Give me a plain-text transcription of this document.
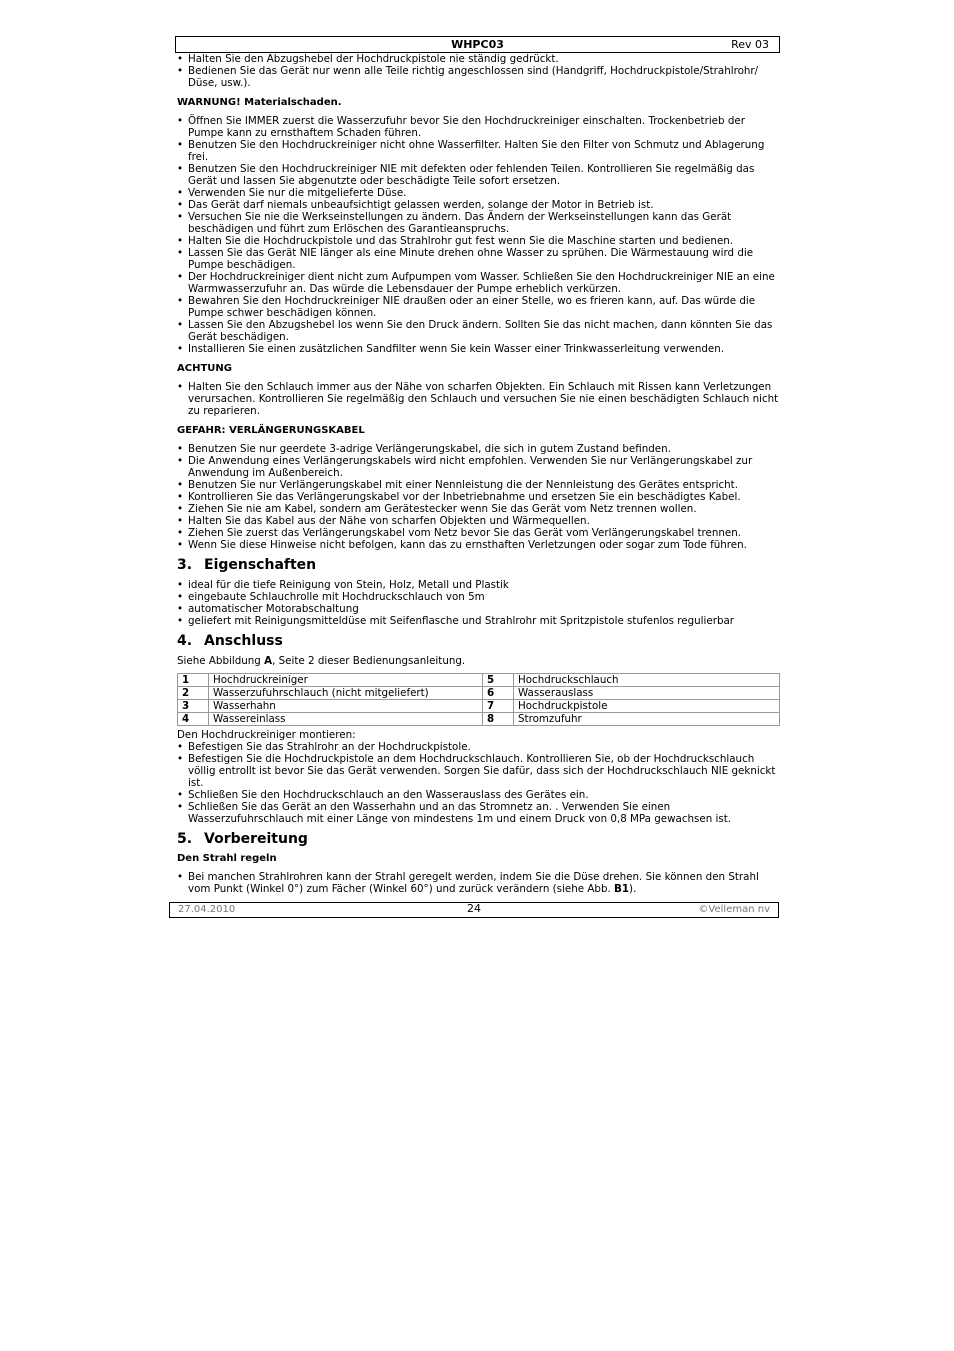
WHPC03	Rev 03
• Halten Sie den Abzugshebel der Hochdruckpistole nie ständig gedrückt.
• Bedienen Sie das Gerät nur wenn alle Teile richtig angeschlossen sind (Handgriff, Hochdruckpistole/Strahlrohr/ Düse, usw.).
WARNUNG! Materialschaden.
• Öffnen Sie IMMER zuerst die Wasserzufuhr bevor Sie den Hochdruckreiniger einschalten. Trockenbetrieb der Pumpe kann zu ernsthaftem Schaden führen.
• Benutzen Sie den Hochdruckreiniger nicht ohne Wasserfilter. Halten Sie den Filter von Schmutz und Ablagerung frei.
• Benutzen Sie den Hochdruckreiniger NIE mit defekten oder fehlenden Teilen. Kontrollieren Sie regelmäßig das Gerät und lassen Sie abgenutzte oder beschädigte Teile sofort ersetzen.
• Verwenden Sie nur die mitgelieferte Düse.
• Das Gerät darf niemals unbeaufsichtigt gelassen werden, solange der Motor in Betrieb ist.
• Versuchen Sie nie die Werkseinstellungen zu ändern. Das Ändern der Werkseinstellungen kann das Gerät beschädigen und führt zum Erlöschen des Garantieanspruchs.
• Halten Sie die Hochdruckpistole und das Strahlrohr gut fest wenn Sie die Maschine starten und bedienen.
• Lassen Sie das Gerät NIE länger als eine Minute drehen ohne Wasser zu sprühen. Die Wärmestauung wird die Pumpe beschädigen.
• Der Hochdruckreiniger dient nicht zum Aufpumpen vom Wasser. Schließen Sie den Hochdruckreiniger NIE an eine Warmwasserzufuhr an. Das würde die Lebensdauer der Pumpe erheblich verkürzen.
• Bewahren Sie den Hochdruckreiniger NIE draußen oder an einer Stelle, wo es frieren kann, auf. Das würde die Pumpe schwer beschädigen können.
• Lassen Sie den Abzugshebel los wenn Sie den Druck ändern. Sollten Sie das nicht machen, dann könnten Sie das Gerät beschädigen.
• Installieren Sie einen zusätzlichen Sandfilter wenn Sie kein Wasser einer Trinkwasserleitung verwenden.
ACHTUNG
• Halten Sie den Schlauch immer aus der Nähe von scharfen Objekten. Ein Schlauch mit Rissen kann Verletzungen verursachen. Kontrollieren Sie regelmäßig den Schlauch und versuchen Sie nie einen beschädigten Schlauch nicht zu reparieren.
GEFAHR: VERLÄNGERUNGSKABEL
• Benutzen Sie nur geerdete 3-adrige Verlängerungskabel, die sich in gutem Zustand befinden.
• Die Anwendung eines Verlängerungskabels wird nicht empfohlen. Verwenden Sie nur Verlängerungskabel zur Anwendung im Außenbereich.
• Benutzen Sie nur Verlängerungskabel mit einer Nennleistung die der Nennleistung des Gerätes entspricht.
• Kontrollieren Sie das Verlängerungskabel vor der Inbetriebnahme und ersetzen Sie ein beschädigtes Kabel.
• Ziehen Sie nie am Kabel, sondern am Gerätestecker wenn Sie das Gerät vom Netz trennen wollen.
• Halten Sie das Kabel aus der Nähe von scharfen Objekten und Wärmequellen.
• Ziehen Sie zuerst das Verlängerungskabel vom Netz bevor Sie das Gerät vom Verlängerungskabel trennen.
• Wenn Sie diese Hinweise nicht befolgen, kann das zu ernsthaften Verletzungen oder sogar zum Tode führen.
3. Eigenschaften
• ideal für die tiefe Reinigung von Stein, Holz, Metall und Plastik
• eingebaute Schlauchrolle mit Hochdruckschlauch von 5m
• automatischer Motorabschaltung
• geliefert mit Reinigungsmitteldüse mit Seifenflasche und Strahlrohr mit Spritzpistole stufenlos regulierbar
4. Anschluss

Siehe Abbildung A, Seite 2 dieser Bedienungsanleitung.

1	Hochdruckreiniger	5	Hochdruckschlauch
2	Wasserzufuhrschlauch (nicht mitgeliefert)	6	Wasserauslass
3	Wasserhahn	7	Hochdruckpistole
4	Wassereinlass	8	Stromzufuhr

Den Hochdruckreiniger montieren:

• Befestigen Sie das Strahlrohr an der Hochdruckpistole.
• Befestigen Sie die Hochdruckpistole an dem Hochdruckschlauch. Kontrollieren Sie, ob der Hochdruckschlauch völlig entrollt ist bevor Sie das Gerät verwenden. Sorgen Sie dafür, dass sich der Hochdruckschlauch NIE geknickt ist.
• Schließen Sie den Hochdruckschlauch an den Wasserauslass des Gerätes ein.
• Schließen Sie das Gerät an den Wasserhahn und an das Stromnetz an. . Verwenden Sie einen Wasserzufuhrschlauch mit einer Länge von mindestens 1m und einem Druck von 0,8 MPa gewachsen ist.
5. Vorbereitung
Den Strahl regeln
• Bei manchen Strahlrohren kann der Strahl geregelt werden, indem Sie die Düse drehen. Sie können den Strahl vom Punkt (Winkel 0°) zum Fächer (Winkel 60°) und zurück verändern (siehe Abb. B1).
27.04.2010	24	©Velleman nv
